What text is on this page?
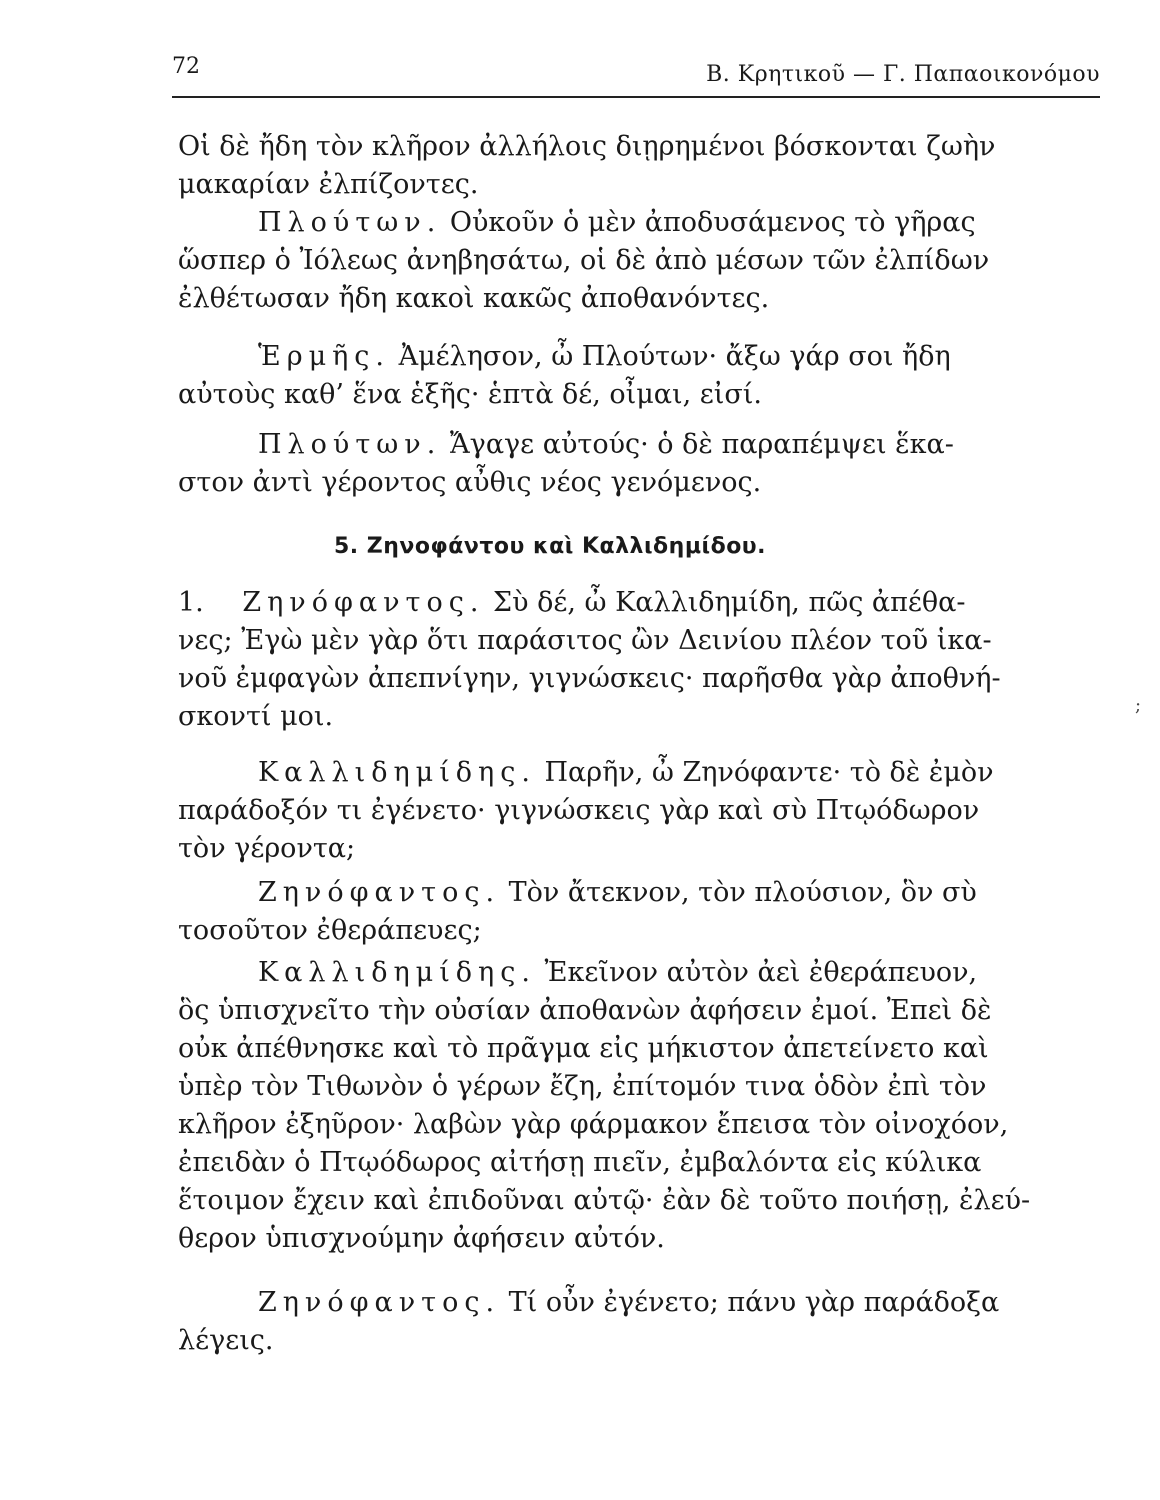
72	Β. Κρητικοῦ — Γ. Παπαοικονόμου

Οἱ δὲ ἤδη τὸν κλῆρον ἀλλήλοις διῃρημένοι βόσκονται ζωὴν
μακαρίαν ἐλπίζοντες.

Πλούτων. Οὐκοῦν ὁ μὲν ἀποδυσάμενος τὸ γῆρας
ὥσπερ ὁ Ἰόλεως ἀνηβησάτω, οἱ δὲ ἀπὸ μέσων τῶν ἐλπίδων
ἐλθέτωσαν ἤδη κακοὶ κακῶς ἀποθανόντες.

Ἑρμῆς. Ἀμέλησον, ὦ Πλούτων· ἄξω γάρ σοι ἤδη
αὐτοὺς καθ’ ἕνα ἑξῆς· ἑπτὰ δέ, οἶμαι, εἰσί.

Πλούτων. Ἄγαγε αὐτούς· ὁ δὲ παραπέμψει ἕκα-
στον ἀντὶ γέροντος αὖθις νέος γενόμενος.

5. Ζηνοφάντου καὶ Καλλιδημίδου.

1. Ζηνόφαντος. Σὺ δέ, ὦ Καλλιδημίδη, πῶς ἀπέθα-
νες; Ἐγὼ μὲν γὰρ ὅτι παράσιτος ὢν Δεινίου πλέον τοῦ ἱκα-
νοῦ ἐμφαγὼν ἀπεπνίγην, γιγνώσκεις· παρῆσθα γὰρ ἀποθνή-
σκοντί μοι.

Καλλιδημίδης. Παρῆν, ὦ Ζηνόφαντε· τὸ δὲ ἐμὸν
παράδοξόν τι ἐγένετο· γιγνώσκεις γὰρ καὶ σὺ Πτῳόδωρον
τὸν γέροντα;

Ζηνόφαντος. Τὸν ἄτεκνον, τὸν πλούσιον, ὃν σὺ
τοσοῦτον ἐθεράπευες;

Καλλιδημίδης. Ἐκεῖνον αὐτὸν ἀεὶ ἐθεράπευον,
ὃς ὑπισχνεῖτο τὴν οὐσίαν ἀποθανὼν ἀφήσειν ἐμοί. Ἐπεὶ δὲ
οὐκ ἀπέθνησκε καὶ τὸ πρᾶγμα εἰς μήκιστον ἀπετείνετο καὶ
ὑπὲρ τὸν Τιθωνὸν ὁ γέρων ἔζη, ἐπίτομόν τινα ὁδὸν ἐπὶ τὸν
κλῆρον ἐξηῦρον· λαβὼν γὰρ φάρμακον ἔπεισα τὸν οἰνοχόον,
ἐπειδὰν ὁ Πτῳόδωρος αἰτήσῃ πιεῖν, ἐμβαλόντα εἰς κύλικα
ἕτοιμον ἔχειν καὶ ἐπιδοῦναι αὐτῷ· ἐὰν δὲ τοῦτο ποιήσῃ, ἐλεύ-
θερον ὑπισχνούμην ἀφήσειν αὐτόν.

Ζηνόφαντος. Τί οὖν ἐγένετο; πάνυ γὰρ παράδοξα
λέγεις.

;
